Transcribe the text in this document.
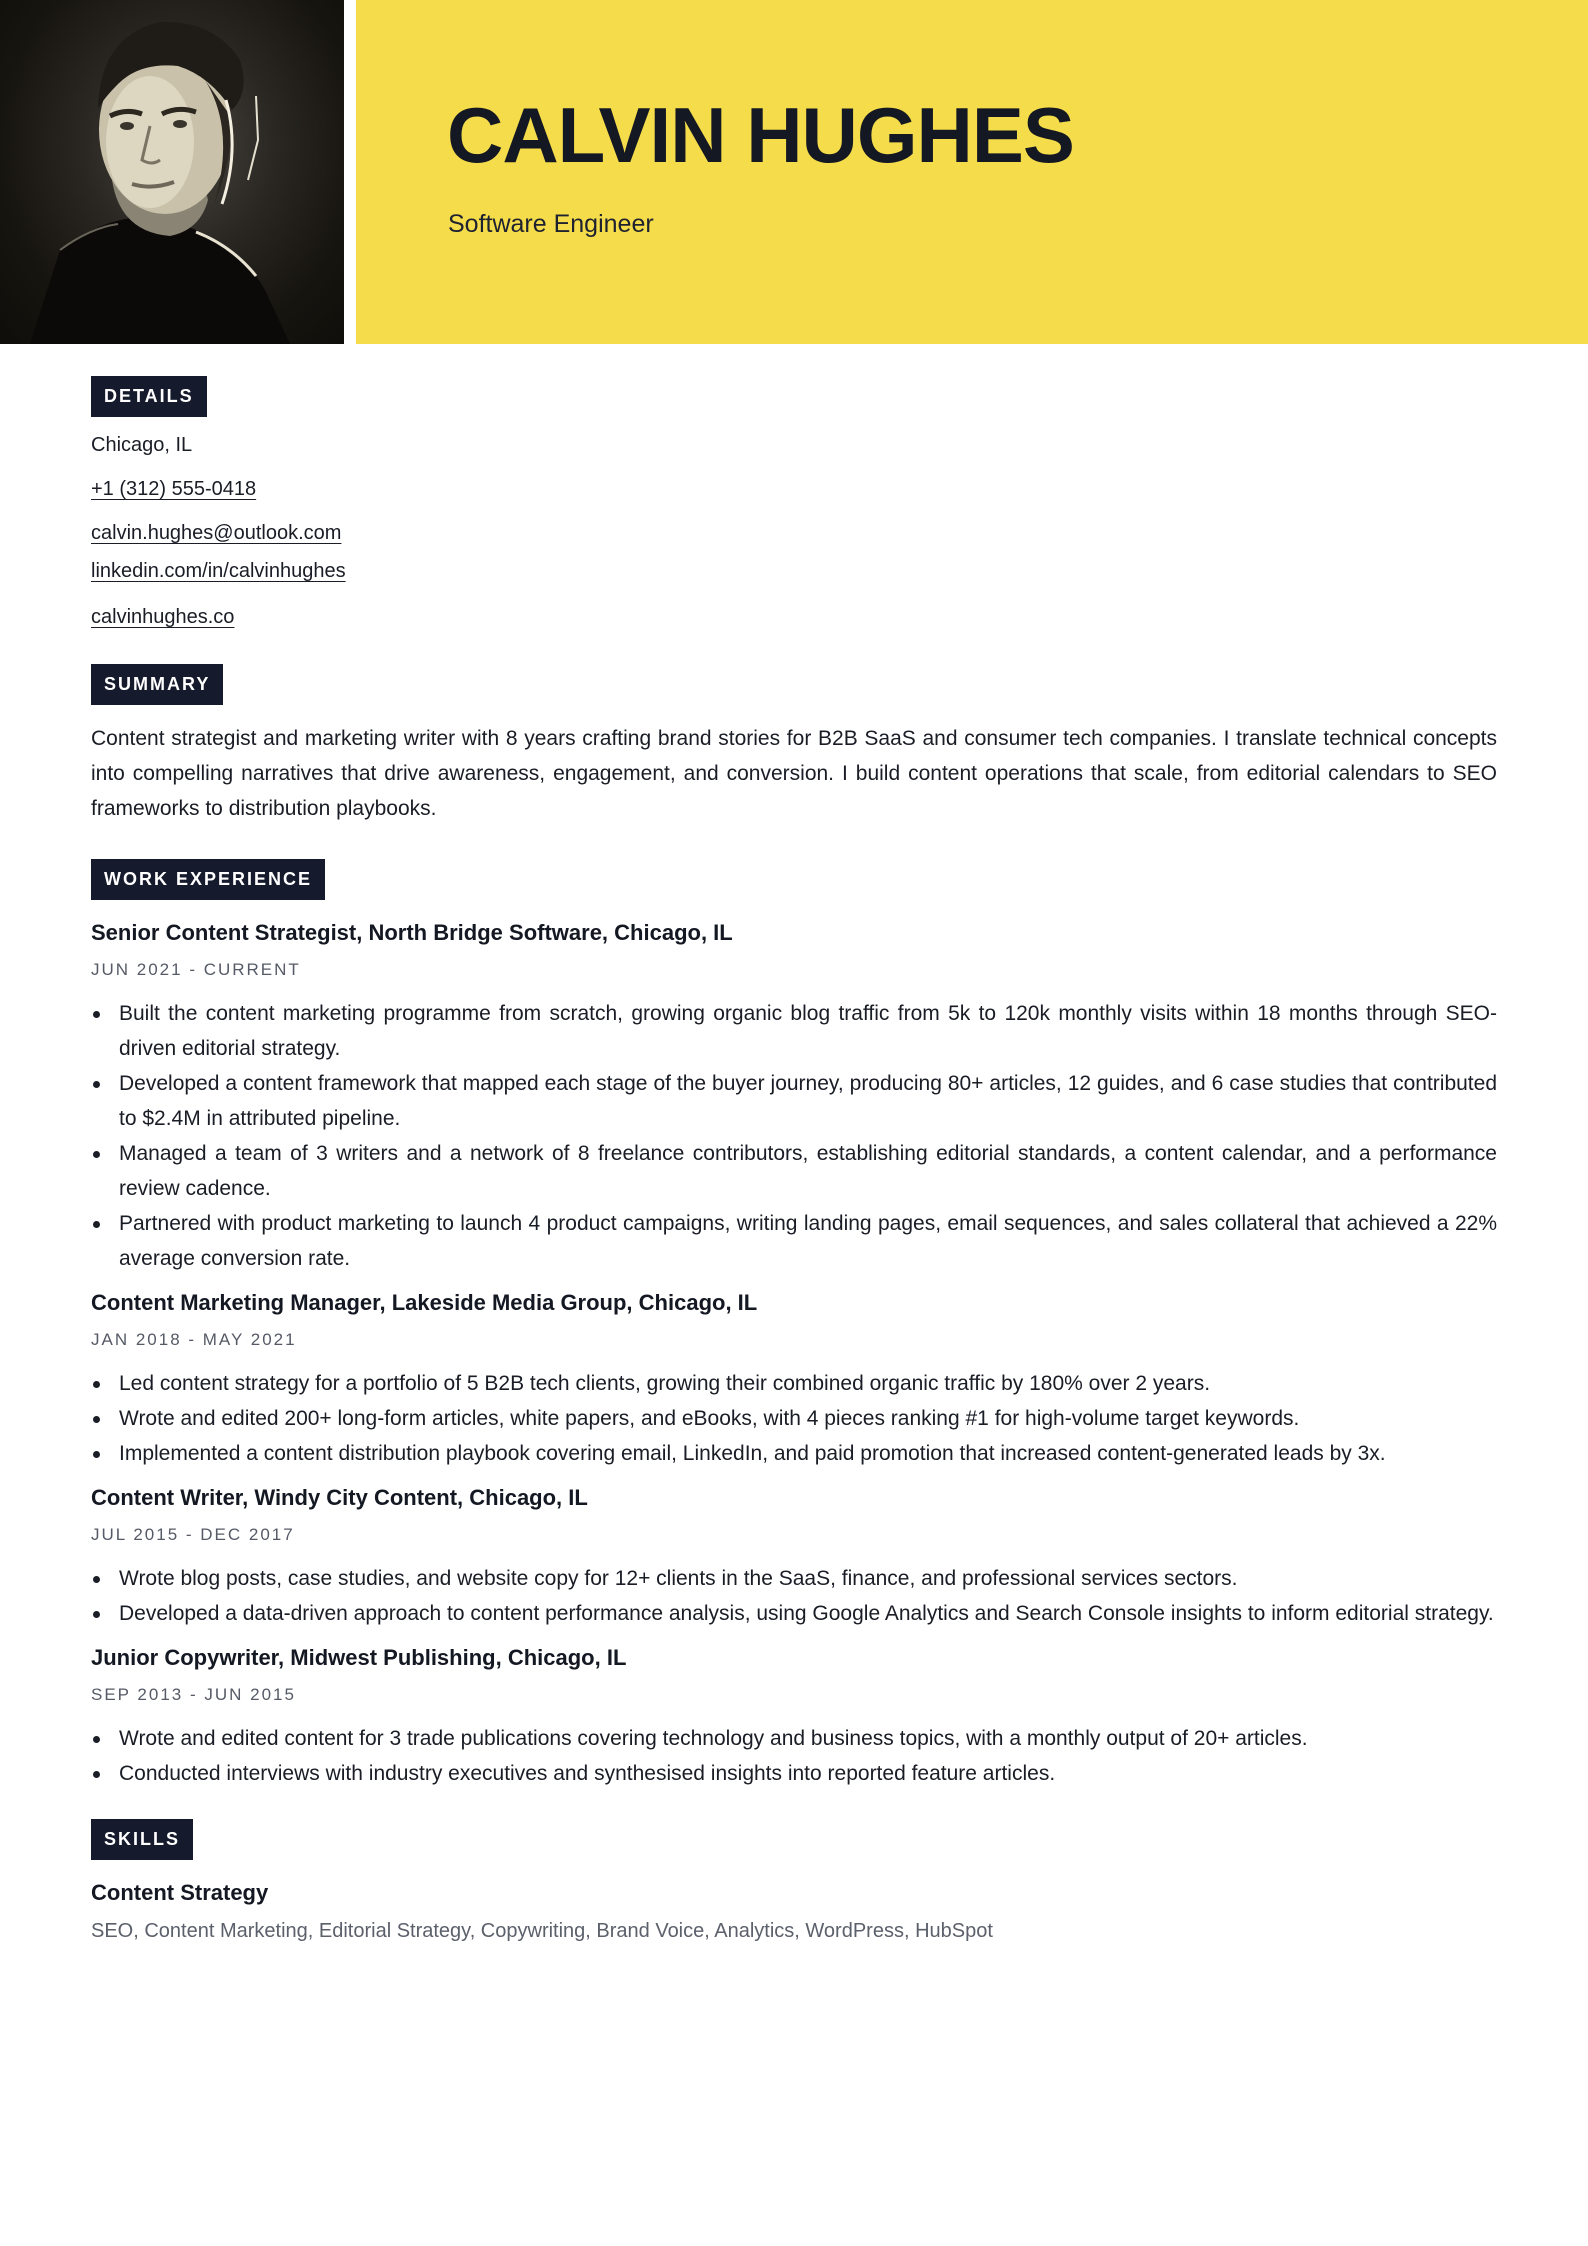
CALVIN HUGHES
Software Engineer
DETAILS
Chicago, IL
+1 (312) 555-0418
calvin.hughes@outlook.com
linkedin.com/in/calvinhughes
calvinhughes.co
SUMMARY

Content strategist and marketing writer with 8 years crafting brand stories for B2B SaaS and consumer tech companies. I translate technical concepts into compelling narratives that drive awareness, engagement, and conversion. I build content operations that scale, from editorial calendars to SEO frameworks to distribution playbooks.

WORK EXPERIENCE
Senior Content Strategist, North Bridge Software, Chicago, IL
JUN 2021 - CURRENT
Built the content marketing programme from scratch, growing organic blog traffic from 5k to 120k monthly visits within 18 months through SEO-driven editorial strategy.
Developed a content framework that mapped each stage of the buyer journey, producing 80+ articles, 12 guides, and 6 case studies that contributed to $2.4M in attributed pipeline.
Managed a team of 3 writers and a network of 8 freelance contributors, establishing editorial standards, a content calendar, and a performance review cadence.
Partnered with product marketing to launch 4 product campaigns, writing landing pages, email sequences, and sales collateral that achieved a 22% average conversion rate.
Content Marketing Manager, Lakeside Media Group, Chicago, IL
JAN 2018 - MAY 2021
Led content strategy for a portfolio of 5 B2B tech clients, growing their combined organic traffic by 180% over 2 years.
Wrote and edited 200+ long-form articles, white papers, and eBooks, with 4 pieces ranking #1 for high-volume target keywords.
Implemented a content distribution playbook covering email, LinkedIn, and paid promotion that increased content-generated leads by 3x.
Content Writer, Windy City Content, Chicago, IL
JUL 2015 - DEC 2017
Wrote blog posts, case studies, and website copy for 12+ clients in the SaaS, finance, and professional services sectors.
Developed a data-driven approach to content performance analysis, using Google Analytics and Search Console insights to inform editorial strategy.
Junior Copywriter, Midwest Publishing, Chicago, IL
SEP 2013 - JUN 2015
Wrote and edited content for 3 trade publications covering technology and business topics, with a monthly output of 20+ articles.
Conducted interviews with industry executives and synthesised insights into reported feature articles.
SKILLS
Content Strategy
SEO, Content Marketing, Editorial Strategy, Copywriting, Brand Voice, Analytics, WordPress, HubSpot
